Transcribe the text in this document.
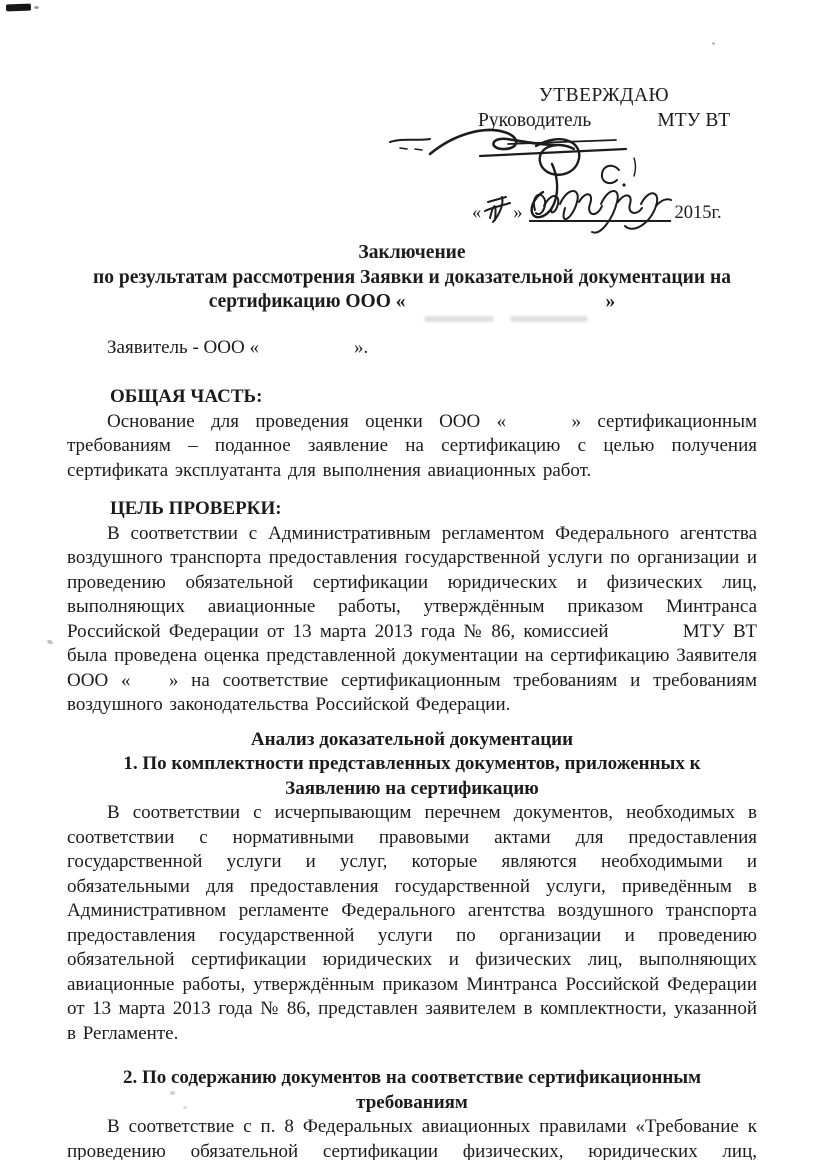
УТВЕРЖДАЮ
Руководитель	МТУ ВТ
« »	2015г.
Заключение
по результатам рассмотрения Заявки и доказательной документации на
сертификацию ООО «	»
Заявитель - ООО «	».
ОБЩАЯ ЧАСТЬ:

Основание для проведения оценки ООО «    » сертификационным требованиям – поданное заявление на сертификацию с целью получения сертификата эксплуатанта для выполнения авиационных работ.

ЦЕЛЬ ПРОВЕРКИ:

В соответствии с Административным регламентом Федерального агентства воздушного транспорта предоставления государственной услуги по организации и проведению обязательной сертификации юридических и физических лиц, выполняющих авиационные работы, утверждённым приказом Минтранса Российской Федерации от 13 марта 2013 года № 86, комиссией         МТУ ВТ была проведена оценка представленной документации на сертификацию Заявителя ООО «   » на соответствие сертификационным требованиям и требованиям воздушного законодательства Российской Федерации.

Анализ доказательной документации
1. По комплектности представленных документов, приложенных к
Заявлению на сертификацию

В соответствии с исчерпывающим перечнем документов, необходимых в соответствии с нормативными правовыми актами для предоставления государственной услуги и услуг, которые являются необходимыми и обязательными для предоставления государственной услуги, приведённым в Административном регламенте Федерального агентства воздушного транспорта предоставления государственной услуги по организации и проведению обязательной сертификации юридических и физических лиц, выполняющих авиационные работы, утверждённым приказом Минтранса Российской Федерации от 13 марта 2013 года № 86, представлен заявителем в комплектности, указанной в Регламенте.

2. По содержанию документов на соответствие сертификационным
требованиям

В соответствие с п. 8 Федеральных авиационных правилами «Требование к проведению обязательной сертификации физических, юридических лиц,
